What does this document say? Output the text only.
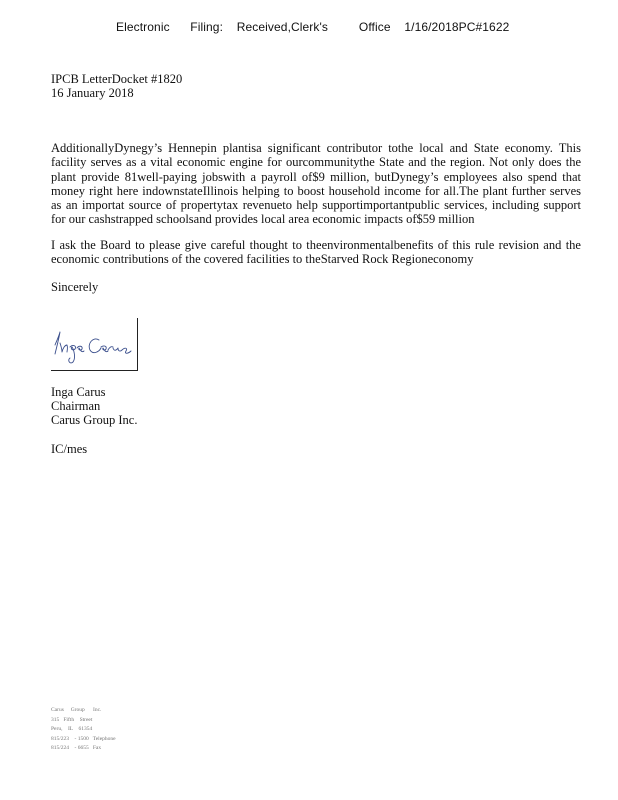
Electronic      Filing:    Received,Clerk's         Office    1/16/2018PC#1622
IPCB LetterDocket #1820
16 January 2018
AdditionallyDynegy’s Hennepin plantisa significant contributor tothe local and State economy. This facility serves as a vital economic engine for ourcommunitythe State and the region. Not only does the plant provide 81well-paying jobswith a payroll of$9 million, butDynegy’s employees also spend that money right here indownstateIllinois helping to boost household income for all.The plant further serves as an importat source of propertytax revenueto help supportimportantpublic services, including support for our cashstrapped schoolsand provides local area economic impacts of$59 million
I ask the Board to please give careful thought to theenvironmentalbenefits of this rule revision and the economic contributions of the covered facilities to theStarved Rock Regioneconomy
Sincerely
Inga Carus
Chairman
Carus Group Inc.
IC/mes
Carus     Group      Inc.
315   Fifth    Street
Peru,    IL    61354
815/223    - 1500   Telephone
815/224    - 6655   Fax
